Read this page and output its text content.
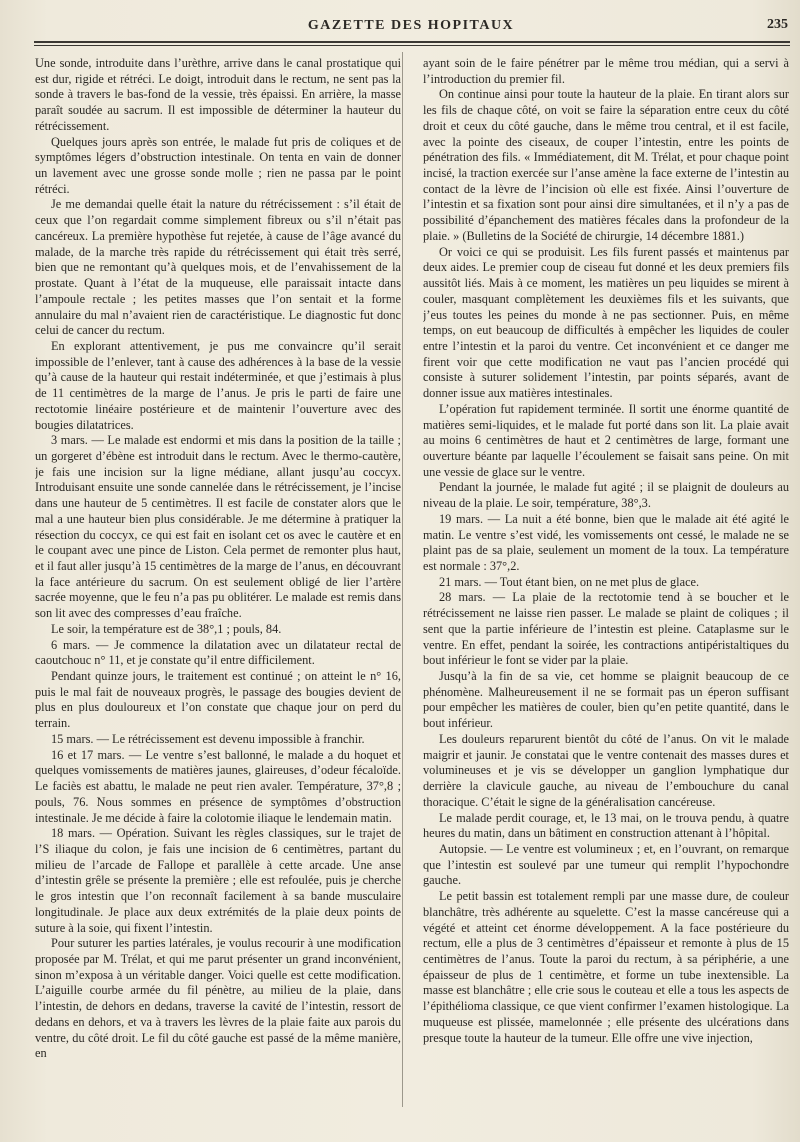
GAZETTE DES HOPITAUX	235

Une sonde, introduite dans l’urèthre, arrive dans le canal prostatique qui est dur, rigide et rétréci. Le doigt, introduit dans le rectum, ne sent pas la sonde à travers le bas-fond de la vessie, très épaissi. En arrière, la masse paraît soudée au sacrum. Il est impossible de déterminer la hauteur du rétrécissement.

Quelques jours après son entrée, le malade fut pris de coliques et de symptômes légers d’obstruction intestinale. On tenta en vain de donner un lavement avec une grosse sonde molle ; rien ne passa par le point rétréci.

Je me demandai quelle était la nature du rétrécissement : s’il était de ceux que l’on regardait comme simplement fibreux ou s’il n’était pas cancéreux. La première hypothèse fut rejetée, à cause de l’âge avancé du malade, de la marche très rapide du rétrécissement qui était très serré, bien que ne remontant qu’à quelques mois, et de l’envahissement de la prostate. Quant à l’état de la muqueuse, elle paraissait intacte dans l’ampoule rectale ; les petites masses que l’on sentait et la forme annulaire du mal n’avaient rien de caractéristique. Le diagnostic fut donc celui de cancer du rectum.

En explorant attentivement, je pus me convaincre qu’il serait impossible de l’enlever, tant à cause des adhérences à la base de la vessie qu’à cause de la hauteur qui restait indéterminée, et que j’estimais à plus de 11 centimètres de la marge de l’anus. Je pris le parti de faire une rectotomie linéaire postérieure et de maintenir l’ouverture avec des bougies dilatatrices.

3 mars. — Le malade est endormi et mis dans la position de la taille ; un gorgeret d’ébène est introduit dans le rectum. Avec le thermo-cautère, je fais une incision sur la ligne médiane, allant jusqu’au coccyx. Introduisant ensuite une sonde cannelée dans le rétrécissement, je l’incise dans une hauteur de 5 centimètres. Il est facile de constater alors que le mal a une hauteur bien plus considérable. Je me détermine à pratiquer la résection du coccyx, ce qui est fait en isolant cet os avec le cautère et en le coupant avec une pince de Liston. Cela permet de remonter plus haut, et il faut aller jusqu’à 15 centimètres de la marge de l’anus, en découvrant la face antérieure du sacrum. On est seulement obligé de lier l’artère sacrée moyenne, que le feu n’a pas pu oblitérer. Le malade est remis dans son lit avec des compresses d’eau fraîche.

Le soir, la température est de 38°,1 ; pouls, 84.

6 mars. — Je commence la dilatation avec un dilatateur rectal de caoutchouc n° 11, et je constate qu’il entre difficilement.

Pendant quinze jours, le traitement est continué ; on atteint le n° 16, puis le mal fait de nouveaux progrès, le passage des bougies devient de plus en plus douloureux et l’on constate que chaque jour on perd du terrain.

15 mars. — Le rétrécissement est devenu impossible à franchir.

16 et 17 mars. — Le ventre s’est ballonné, le malade a du hoquet et quelques vomissements de matières jaunes, glaireuses, d’odeur fécaloïde. Le faciès est abattu, le malade ne peut rien avaler. Température, 37°,8 ; pouls, 76. Nous sommes en présence de symptômes d’obstruction intestinale. Je me décide à faire la colotomie iliaque le lendemain matin.

18 mars. — Opération. Suivant les règles classiques, sur le trajet de l’S iliaque du colon, je fais une incision de 6 centimètres, partant du milieu de l’arcade de Fallope et parallèle à cette arcade. Une anse d’intestin grêle se présente la première ; elle est refoulée, puis je cherche le gros intestin que l’on reconnaît facilement à sa bande musculaire longitudinale. Je place aux deux extrémités de la plaie deux points de suture à la soie, qui fixent l’intestin.

Pour suturer les parties latérales, je voulus recourir à une modification proposée par M. Trélat, et qui me parut présenter un grand inconvénient, sinon m’exposa à un véritable danger. Voici quelle est cette modification. L’aiguille courbe armée du fil pénètre, au milieu de la plaie, dans l’intestin, de dehors en dedans, traverse la cavité de l’intestin, ressort de dedans en dehors, et va à travers les lèvres de la plaie faite aux parois du ventre, du côté droit. Le fil du côté gauche est passé de la même manière, en

ayant soin de le faire pénétrer par le même trou médian, qui a servi à l’introduction du premier fil.

On continue ainsi pour toute la hauteur de la plaie. En tirant alors sur les fils de chaque côté, on voit se faire la séparation entre ceux du côté droit et ceux du côté gauche, dans le même trou central, et il est facile, avec la pointe des ciseaux, de couper l’intestin, entre les points de pénétration des fils. « Immédiatement, dit M. Trélat, et pour chaque point incisé, la traction exercée sur l’anse amène la face externe de l’intestin au contact de la lèvre de l’incision où elle est fixée. Ainsi l’ouverture de l’intestin et sa fixation sont pour ainsi dire simultanées, et il n’y a pas de possibilité d’épanchement des matières fécales dans la profondeur de la plaie. » (Bulletins de la Société de chirurgie, 14 décembre 1881.)

Or voici ce qui se produisit. Les fils furent passés et maintenus par deux aides. Le premier coup de ciseau fut donné et les deux premiers fils aussitôt liés. Mais à ce moment, les matières un peu liquides se mirent à couler, masquant complètement les deuxièmes fils et les suivants, que j’eus toutes les peines du monde à ne pas sectionner. Puis, en même temps, on eut beaucoup de difficultés à empêcher les liquides de couler entre l’intestin et la paroi du ventre. Cet inconvénient et ce danger me firent voir que cette modification ne vaut pas l’ancien procédé qui consiste à suturer solidement l’intestin, par points séparés, avant de donner issue aux matières intestinales.

L’opération fut rapidement terminée. Il sortit une énorme quantité de matières semi-liquides, et le malade fut porté dans son lit. La plaie avait au moins 6 centimètres de haut et 2 centimètres de large, formant une ouverture béante par laquelle l’écoulement se faisait sans peine. On mit une vessie de glace sur le ventre.

Pendant la journée, le malade fut agité ; il se plaignit de douleurs au niveau de la plaie. Le soir, température, 38°,3.

19 mars. — La nuit a été bonne, bien que le malade ait été agité le matin. Le ventre s’est vidé, les vomissements ont cessé, le malade ne se plaint pas de sa plaie, seulement un moment de la toux. La température est normale : 37°,2.

21 mars. — Tout étant bien, on ne met plus de glace.

28 mars. — La plaie de la rectotomie tend à se boucher et le rétrécissement ne laisse rien passer. Le malade se plaint de coliques ; il sent que la partie inférieure de l’intestin est pleine. Cataplasme sur le ventre. En effet, pendant la soirée, les contractions antipéristaltiques du bout inférieur le font se vider par la plaie.

Jusqu’à la fin de sa vie, cet homme se plaignit beaucoup de ce phénomène. Malheureusement il ne se formait pas un éperon suffisant pour empêcher les matières de couler, bien qu’en petite quantité, dans le bout inférieur.

Les douleurs reparurent bientôt du côté de l’anus. On vit le malade maigrir et jaunir. Je constatai que le ventre contenait des masses dures et volumineuses et je vis se développer un ganglion lymphatique dur derrière la clavicule gauche, au niveau de l’embouchure du canal thoracique. C’était le signe de la généralisation cancéreuse.

Le malade perdit courage, et, le 13 mai, on le trouva pendu, à quatre heures du matin, dans un bâtiment en construction attenant à l’hôpital.

Autopsie. — Le ventre est volumineux ; et, en l’ouvrant, on remarque que l’intestin est soulevé par une tumeur qui remplit l’hypochondre gauche.

Le petit bassin est totalement rempli par une masse dure, de couleur blanchâtre, très adhérente au squelette. C’est la masse cancéreuse qui a végété et atteint cet énorme développement. A la face postérieure du rectum, elle a plus de 3 centimètres d’épaisseur et remonte à plus de 15 centimètres de l’anus. Toute la paroi du rectum, à sa périphérie, a une épaisseur de plus de 1 centimètre, et forme un tube inextensible. La masse est blanchâtre ; elle crie sous le couteau et elle a tous les aspects de l’épithélioma classique, ce que vient confirmer l’examen histologique. La muqueuse est plissée, mamelonnée ; elle présente des ulcérations dans presque toute la hauteur de la tumeur. Elle offre une vive injection,
